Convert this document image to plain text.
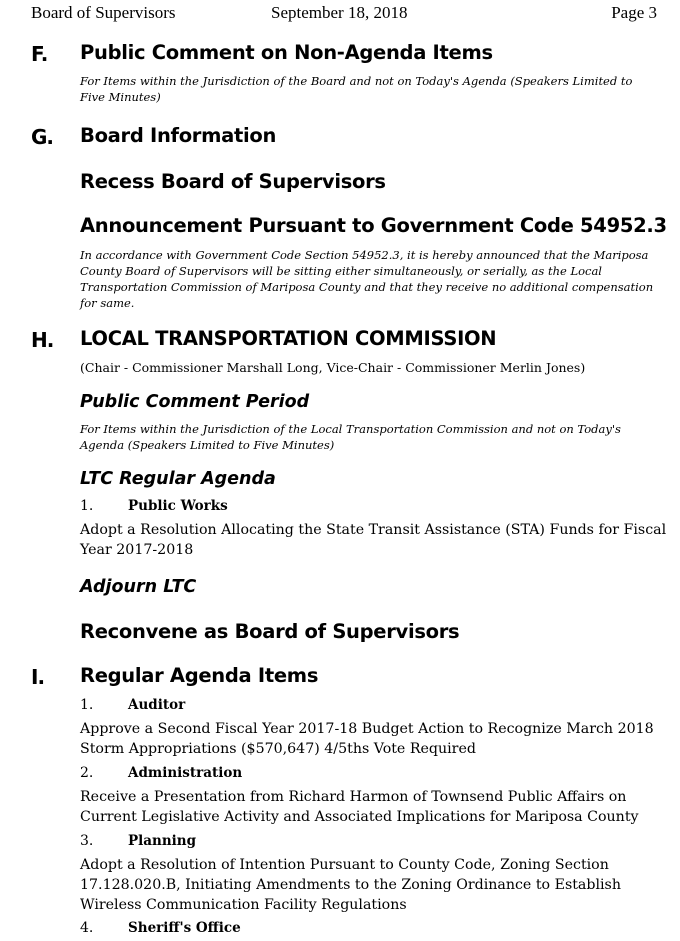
Board of Supervisors	September 18, 2018	Page 3
F. Public Comment on Non-Agenda Items
For Items within the Jurisdiction of the Board and not on Today's Agenda (Speakers Limited to Five Minutes)
G. Board Information
Recess Board of Supervisors
Announcement Pursuant to Government Code 54952.3
In accordance with Government Code Section 54952.3, it is hereby announced that the Mariposa County Board of Supervisors will be sitting either simultaneously, or serially, as the Local Transportation Commission of Mariposa County and that they receive no additional compensation for same.
H. LOCAL TRANSPORTATION COMMISSION
(Chair - Commissioner Marshall Long, Vice-Chair - Commissioner Merlin Jones)
Public Comment Period
For Items within the Jurisdiction of the Local Transportation Commission and not on Today's Agenda (Speakers Limited to Five Minutes)
LTC Regular Agenda
1.	Public Works
Adopt a Resolution Allocating the State Transit Assistance (STA) Funds for Fiscal Year 2017-2018
Adjourn LTC
Reconvene as Board of Supervisors
I. Regular Agenda Items
1.	Auditor
Approve a Second Fiscal Year 2017-18 Budget Action to Recognize March 2018 Storm Appropriations ($570,647) 4/5ths Vote Required
2.	Administration
Receive a Presentation from Richard Harmon of Townsend Public Affairs on Current Legislative Activity and Associated Implications for Mariposa County
3.	Planning
Adopt a Resolution of Intention Pursuant to County Code, Zoning Section 17.128.020.B, Initiating Amendments to the Zoning Ordinance to Establish Wireless Communication Facility Regulations
4.	Sheriff's Office
